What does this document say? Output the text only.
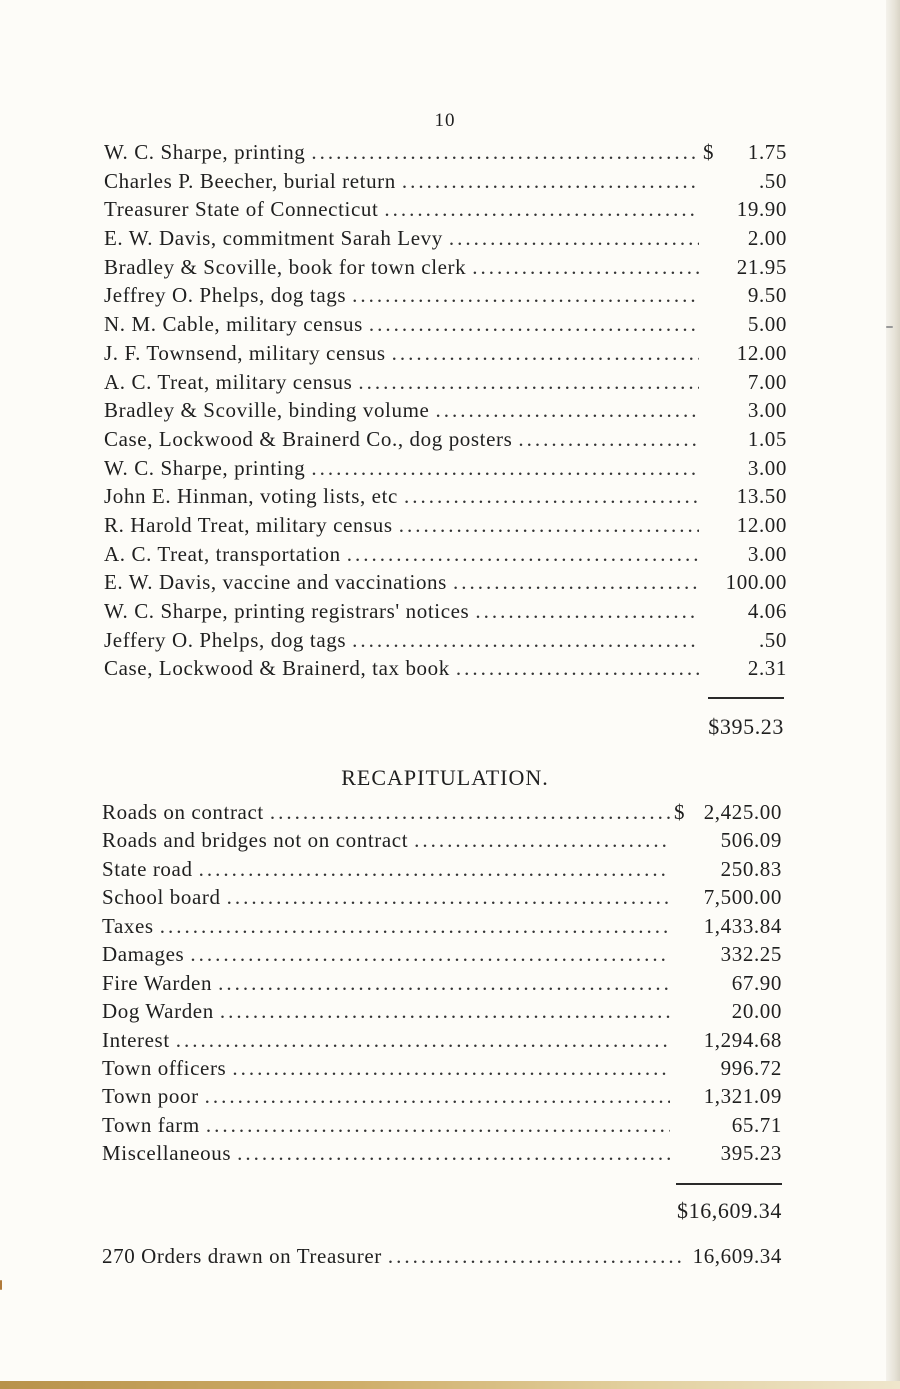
10
W. C. Sharpe, printing .....	$	1.75
Charles P. Beecher, burial return .....	.50
Treasurer State of Connecticut .....	19.90
E. W. Davis, commitment Sarah Levy .....	2.00
Bradley & Scoville, book for town clerk .....	21.95
Jeffrey O. Phelps, dog tags .....	9.50
N. M. Cable, military census .....	5.00
J. F. Townsend, military census .....	12.00
A. C. Treat, military census .....	7.00
Bradley & Scoville, binding volume .....	3.00
Case, Lockwood & Brainerd Co., dog posters .....	1.05
W. C. Sharpe, printing .....	3.00
John E. Hinman, voting lists, etc .....	13.50
R. Harold Treat, military census .....	12.00
A. C. Treat, transportation .....	3.00
E. W. Davis, vaccine and vaccinations .....	100.00
W. C. Sharpe, printing registrars' notices .....	4.06
Jeffery O. Phelps, dog tags .....	.50
Case, Lockwood & Brainerd, tax book .....	2.31
$395.23
RECAPITULATION.
Roads on contract .....	$ 2,425.00
Roads and bridges not on contract .....	506.09
State road .....	250.83
School board .....	7,500.00
Taxes .....	1,433.84
Damages .....	332.25
Fire Warden .....	67.90
Dog Warden .....	20.00
Interest .....	1,294.68
Town officers .....	996.72
Town poor .....	1,321.09
Town farm .....	65.71
Miscellaneous .....	395.23
$16,609.34
270 Orders drawn on Treasurer .....	16,609.34
